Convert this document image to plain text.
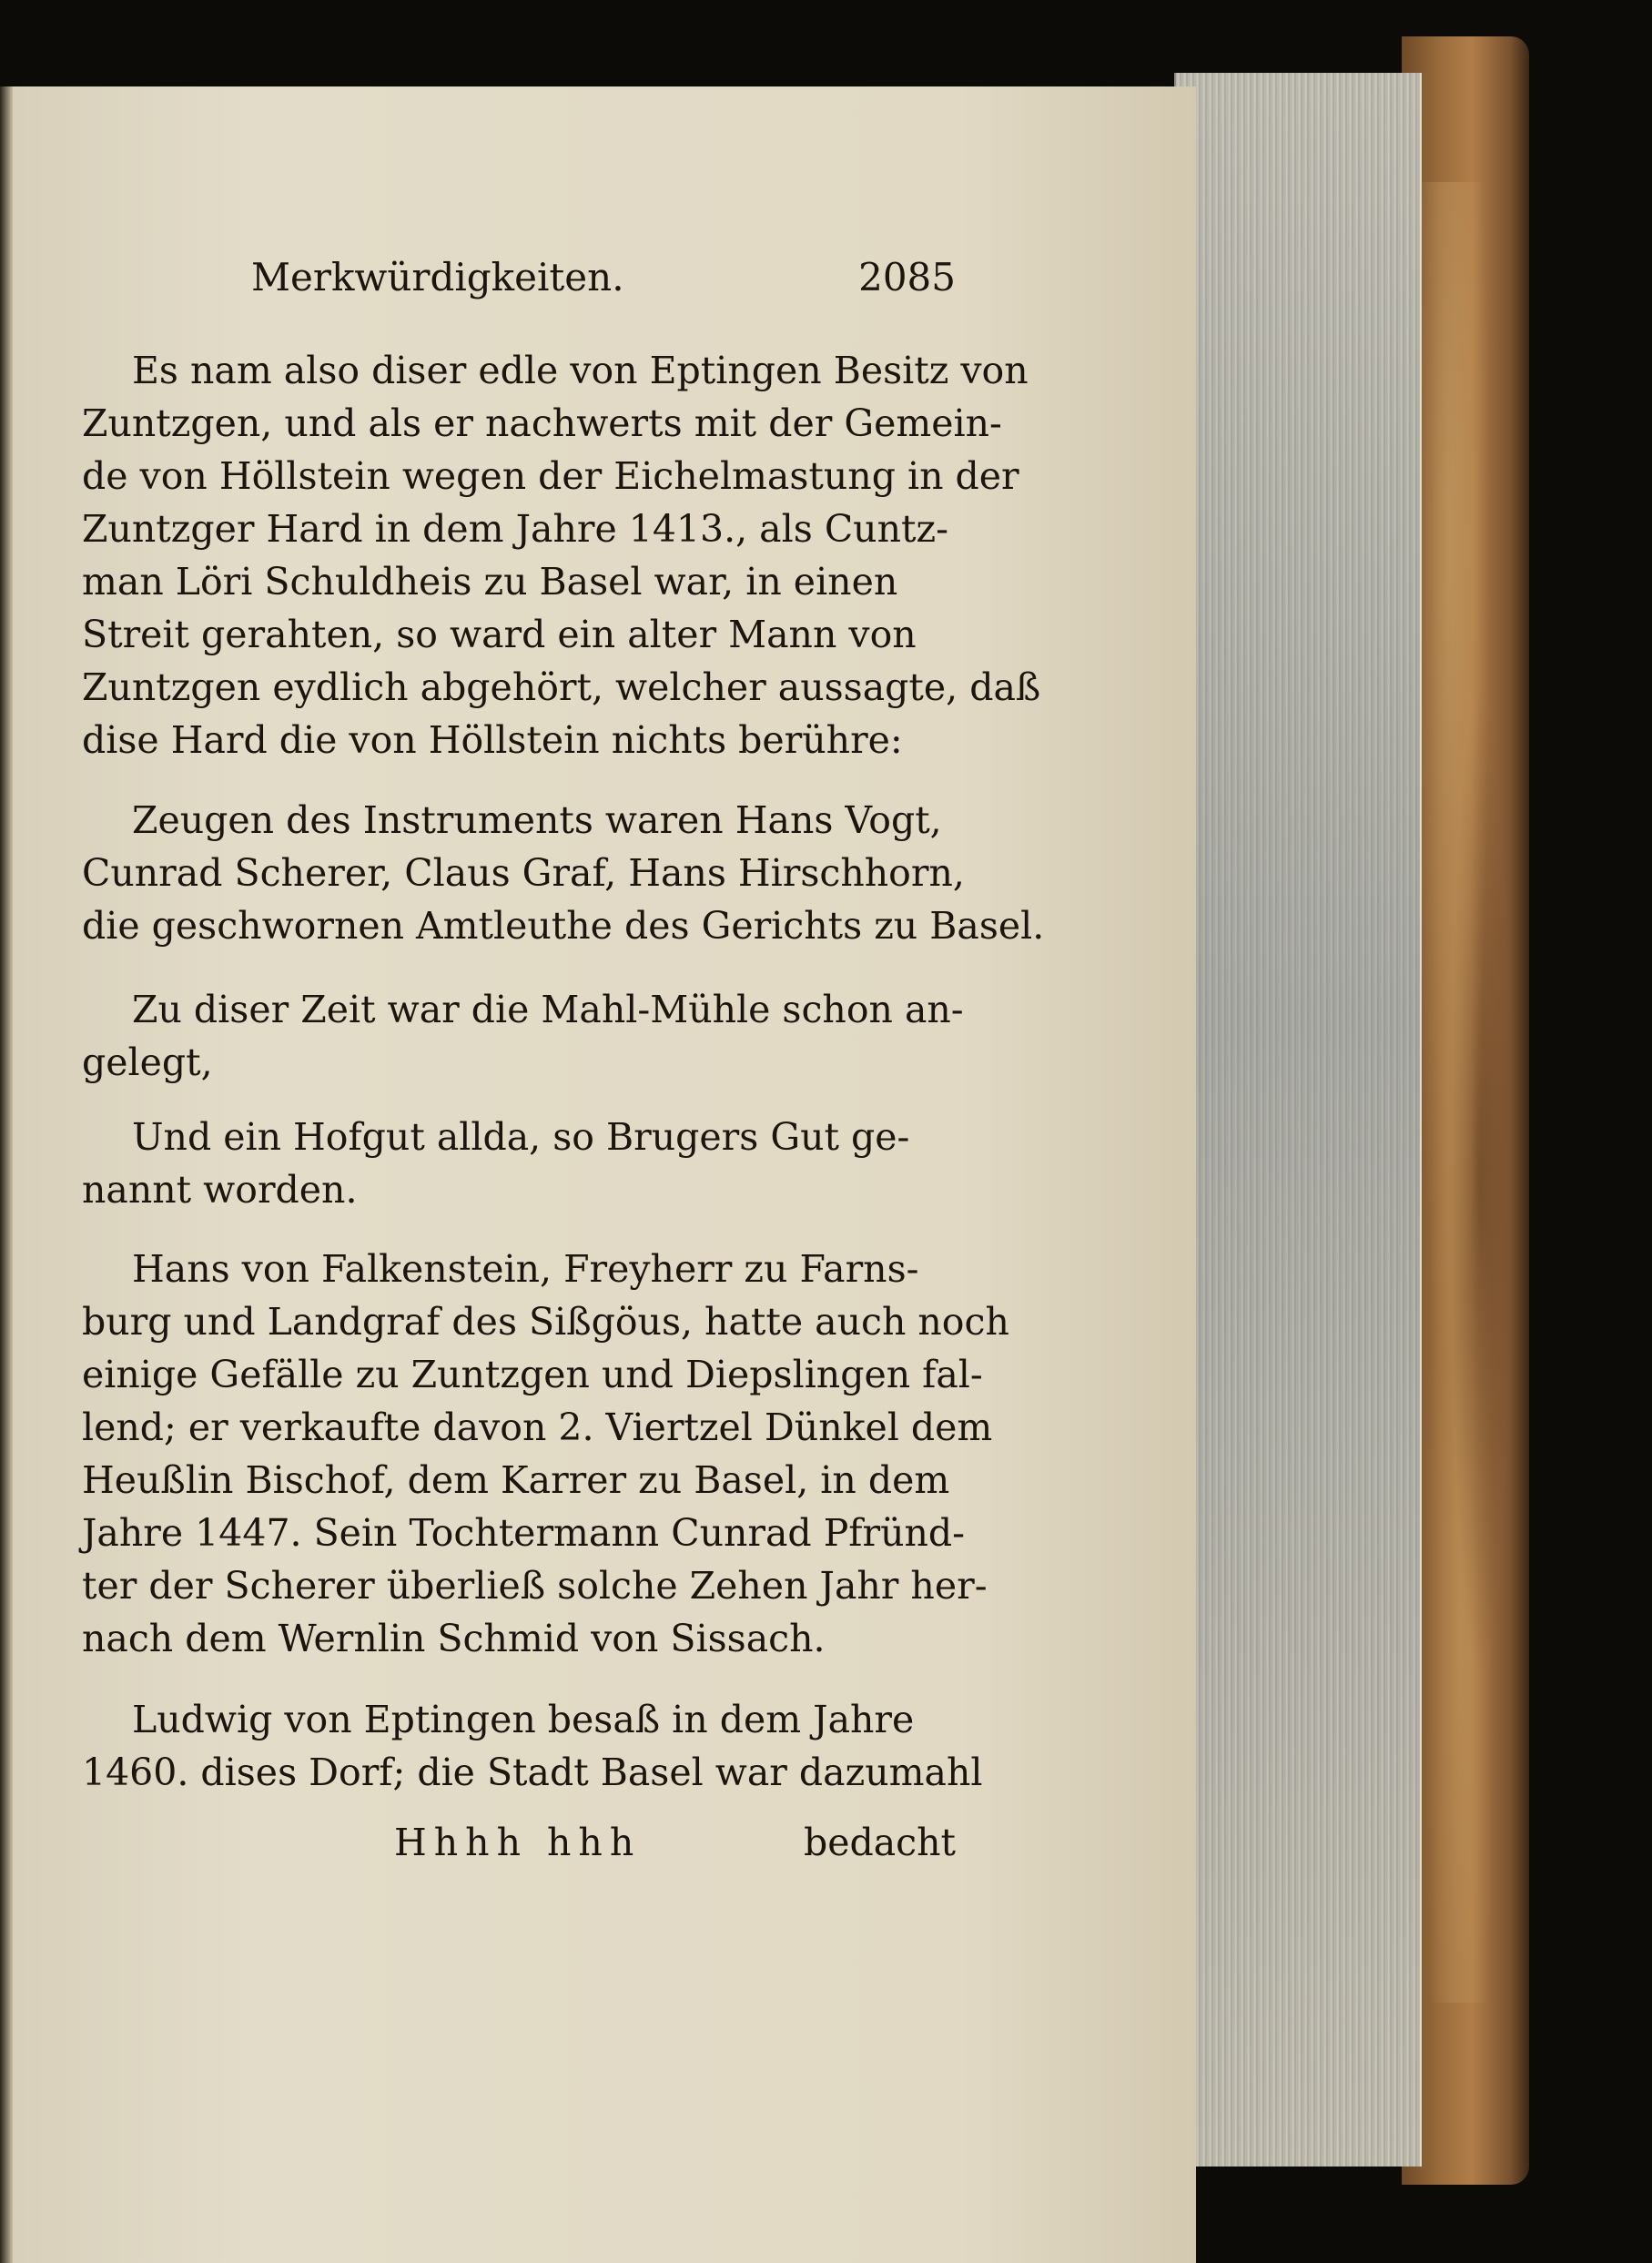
Merkwürdigkeiten.	2085
Es nam also diser edle von Eptingen Besitz von
Zuntzgen, und als er nachwerts mit der Gemein-
de von Höllstein wegen der Eichelmastung in der
Zuntzger Hard in dem Jahre 1413., als Cuntz-
man Löri Schuldheis zu Basel war, in einen
Streit gerahten, so ward ein alter Mann von
Zuntzgen eydlich abgehört, welcher aussagte, daß
dise Hard die von Höllstein nichts berühre:
Zeugen des Instruments waren Hans Vogt,
Cunrad Scherer, Claus Graf, Hans Hirschhorn,
die geschwornen Amtleuthe des Gerichts zu Basel.
Zu diser Zeit war die Mahl-Mühle schon an-
gelegt,
Und ein Hofgut allda, so Brugers Gut ge-
nannt worden.
Hans von Falkenstein, Freyherr zu Farns-
burg und Landgraf des Sißgöus, hatte auch noch
einige Gefälle zu Zuntzgen und Diepslingen fal-
lend; er verkaufte davon 2. Viertzel Dünkel dem
Heußlin Bischof, dem Karrer zu Basel, in dem
Jahre 1447. Sein Tochtermann Cunrad Pfründ-
ter der Scherer überließ solche Zehen Jahr her-
nach dem Wernlin Schmid von Sissach.
Ludwig von Eptingen besaß in dem Jahre
1460. dises Dorf; die Stadt Basel war dazumahl
Hhhh hhh	bedacht
